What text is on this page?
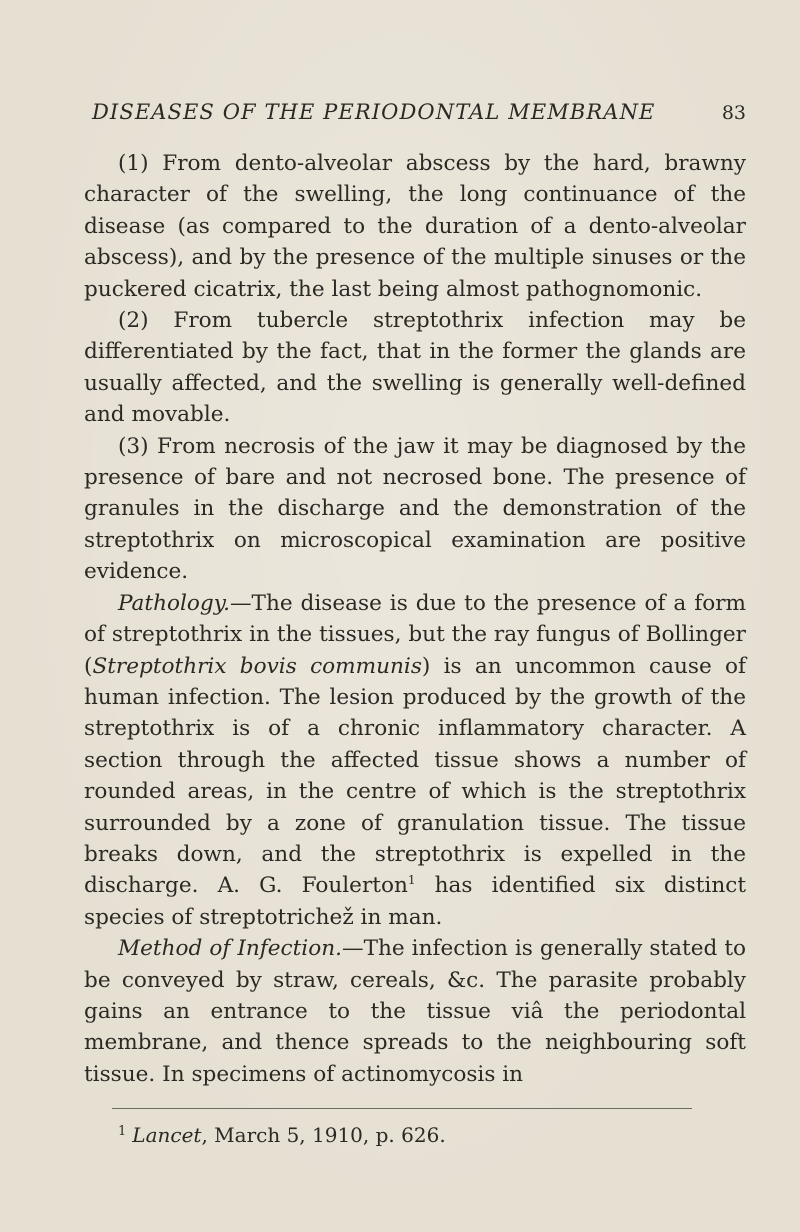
DISEASES OF THE PERIODONTAL MEMBRANE	83

(1) From dento-alveolar abscess by the hard, brawny character of the swelling, the long continuance of the disease (as compared to the duration of a dento-alveolar abscess), and by the presence of the multiple sinuses or the puckered cicatrix, the last being almost pathognomonic.

(2) From tubercle streptothrix infection may be differentiated by the fact, that in the former the glands are usually affected, and the swelling is generally well-defined and movable.

(3) From necrosis of the jaw it may be diagnosed by the presence of bare and not necrosed bone. The presence of granules in the discharge and the demonstration of the streptothrix on microscopical examination are positive evidence.

Pathology.—The disease is due to the presence of a form of streptothrix in the tissues, but the ray fungus of Bollinger (Streptothrix bovis communis) is an uncommon cause of human infection. The lesion produced by the growth of the streptothrix is of a chronic inflammatory character. A section through the affected tissue shows a number of rounded areas, in the centre of which is the streptothrix surrounded by a zone of granulation tissue. The tissue breaks down, and the streptothrix is expelled in the discharge. A. G. Foulerton$^1$ has identified six distinct species of streptotrichež in man.

Method of Infection.—The infection is generally stated to be conveyed by straw, cereals, &c. The parasite probably gains an entrance to the tissue viâ the periodontal membrane, and thence spreads to the neighbouring soft tissue. In specimens of actinomycosis in

$^1$ Lancet, March 5, 1910, p. 626.
